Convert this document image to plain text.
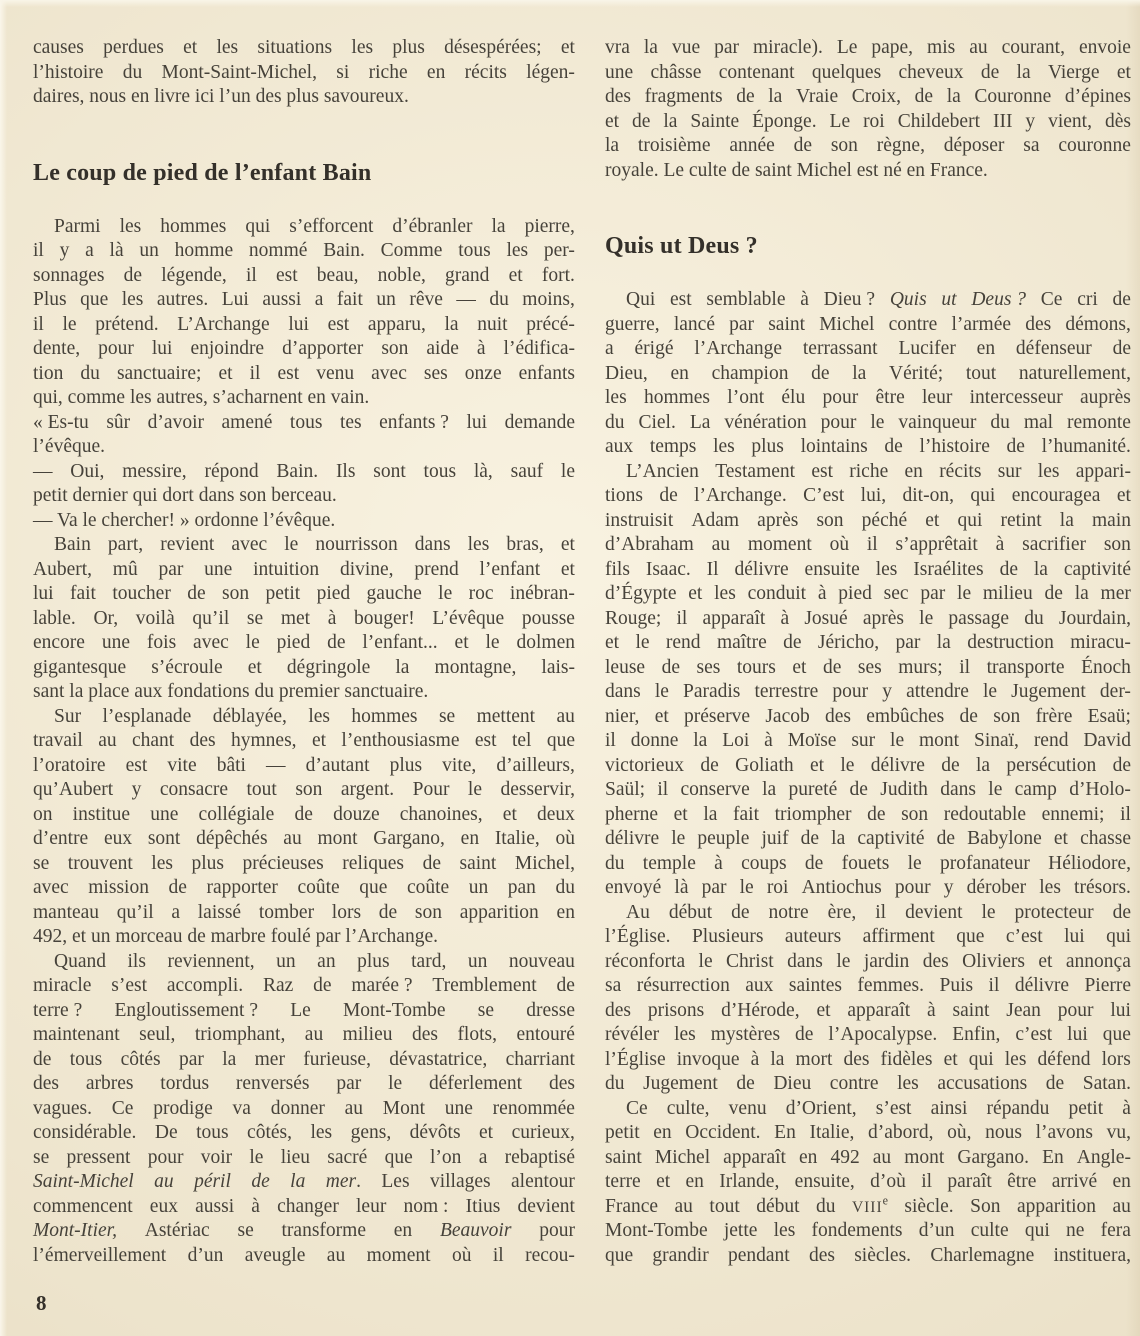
causes perdues et les situations les plus désespérées; et
l’histoire du Mont-Saint-Michel, si riche en récits légen-
daires, nous en livre ici l’un des plus savoureux.
Le coup de pied de l’enfant Bain
Parmi les hommes qui s’efforcent d’ébranler la pierre,
il y a là un homme nommé Bain. Comme tous les per-
sonnages de légende, il est beau, noble, grand et fort.
Plus que les autres. Lui aussi a fait un rêve — du moins,
il le prétend. L’Archange lui est apparu, la nuit précé-
dente, pour lui enjoindre d’apporter son aide à l’édifica-
tion du sanctuaire; et il est venu avec ses onze enfants
qui, comme les autres, s’acharnent en vain.
« Es-tu sûr d’avoir amené tous tes enfants ? lui demande
l’évêque.
— Oui, messire, répond Bain. Ils sont tous là, sauf le
petit dernier qui dort dans son berceau.
— Va le chercher! » ordonne l’évêque.
Bain part, revient avec le nourrisson dans les bras, et
Aubert, mû par une intuition divine, prend l’enfant et
lui fait toucher de son petit pied gauche le roc inébran-
lable. Or, voilà qu’il se met à bouger! L’évêque pousse
encore une fois avec le pied de l’enfant... et le dolmen
gigantesque s’écroule et dégringole la montagne, lais-
sant la place aux fondations du premier sanctuaire.
Sur l’esplanade déblayée, les hommes se mettent au
travail au chant des hymnes, et l’enthousiasme est tel que
l’oratoire est vite bâti — d’autant plus vite, d’ailleurs,
qu’Aubert y consacre tout son argent. Pour le desservir,
on institue une collégiale de douze chanoines, et deux
d’entre eux sont dépêchés au mont Gargano, en Italie, où
se trouvent les plus précieuses reliques de saint Michel,
avec mission de rapporter coûte que coûte un pan du
manteau qu’il a laissé tomber lors de son apparition en
492, et un morceau de marbre foulé par l’Archange.
Quand ils reviennent, un an plus tard, un nouveau
miracle s’est accompli. Raz de marée ? Tremblement de
terre ? Engloutissement ? Le Mont-Tombe se dresse
maintenant seul, triomphant, au milieu des flots, entouré
de tous côtés par la mer furieuse, dévastatrice, charriant
des arbres tordus renversés par le déferlement des
vagues. Ce prodige va donner au Mont une renommée
considérable. De tous côtés, les gens, dévôts et curieux,
se pressent pour voir le lieu sacré que l’on a rebaptisé
Saint-Michel au péril de la mer. Les villages alentour
commencent eux aussi à changer leur nom : Itius devient
Mont-Itier, Astériac se transforme en Beauvoir pour
l’émerveillement d’un aveugle au moment où il recou-
vra la vue par miracle). Le pape, mis au courant, envoie
une châsse contenant quelques cheveux de la Vierge et
des fragments de la Vraie Croix, de la Couronne d’épines
et de la Sainte Éponge. Le roi Childebert III y vient, dès
la troisième année de son règne, déposer sa couronne
royale. Le culte de saint Michel est né en France.
Quis ut Deus ?
Qui est semblable à Dieu ? Quis ut Deus ? Ce cri de
guerre, lancé par saint Michel contre l’armée des démons,
a érigé l’Archange terrassant Lucifer en défenseur de
Dieu, en champion de la Vérité; tout naturellement,
les hommes l’ont élu pour être leur intercesseur auprès
du Ciel. La vénération pour le vainqueur du mal remonte
aux temps les plus lointains de l’histoire de l’humanité.
L’Ancien Testament est riche en récits sur les appari-
tions de l’Archange. C’est lui, dit-on, qui encouragea et
instruisit Adam après son péché et qui retint la main
d’Abraham au moment où il s’apprêtait à sacrifier son
fils Isaac. Il délivre ensuite les Israélites de la captivité
d’Égypte et les conduit à pied sec par le milieu de la mer
Rouge; il apparaît à Josué après le passage du Jourdain,
et le rend maître de Jéricho, par la destruction miracu-
leuse de ses tours et de ses murs; il transporte Énoch
dans le Paradis terrestre pour y attendre le Jugement der-
nier, et préserve Jacob des embûches de son frère Esaü;
il donne la Loi à Moïse sur le mont Sinaï, rend David
victorieux de Goliath et le délivre de la persécution de
Saül; il conserve la pureté de Judith dans le camp d’Holo-
pherne et la fait triompher de son redoutable ennemi; il
délivre le peuple juif de la captivité de Babylone et chasse
du temple à coups de fouets le profanateur Héliodore,
envoyé là par le roi Antiochus pour y dérober les trésors.
Au début de notre ère, il devient le protecteur de
l’Église. Plusieurs auteurs affirment que c’est lui qui
réconforta le Christ dans le jardin des Oliviers et annonça
sa résurrection aux saintes femmes. Puis il délivre Pierre
des prisons d’Hérode, et apparaît à saint Jean pour lui
révéler les mystères de l’Apocalypse. Enfin, c’est lui que
l’Église invoque à la mort des fidèles et qui les défend lors
du Jugement de Dieu contre les accusations de Satan.
Ce culte, venu d’Orient, s’est ainsi répandu petit à
petit en Occident. En Italie, d’abord, où, nous l’avons vu,
saint Michel apparaît en 492 au mont Gargano. En Angle-
terre et en Irlande, ensuite, d’où il paraît être arrivé en
France au tout début du VIIIe siècle. Son apparition au
Mont-Tombe jette les fondements d’un culte qui ne fera
que grandir pendant des siècles. Charlemagne instituera,
8
